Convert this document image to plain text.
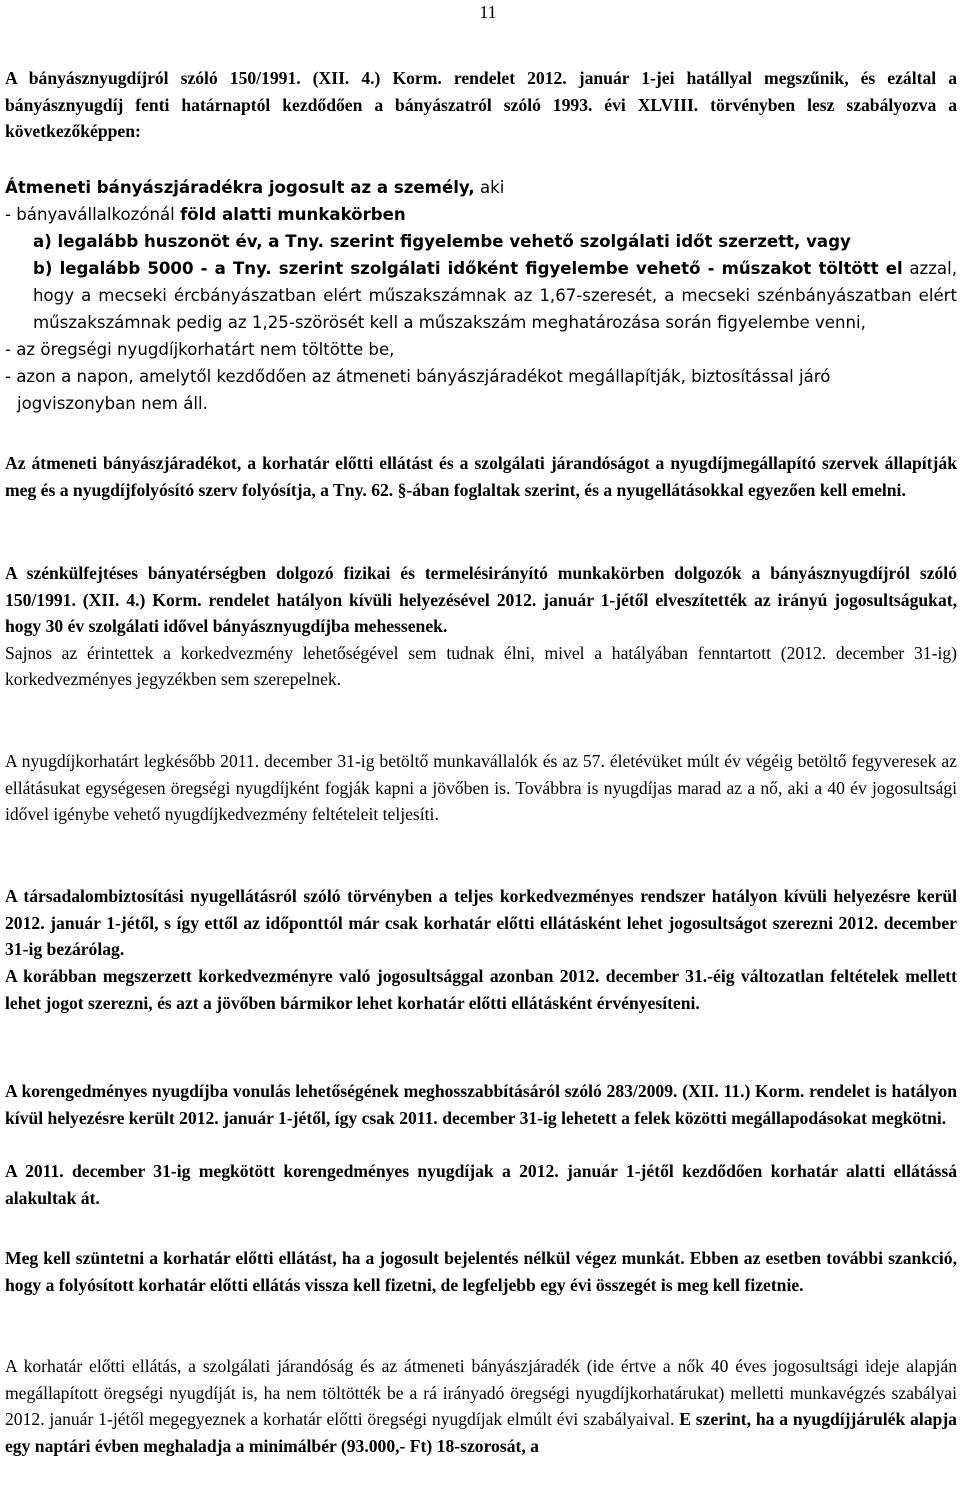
11

A bányásznyugdíjról szóló 150/1991. (XII. 4.) Korm. rendelet 2012. január 1-jei hatállyal megszűnik, és ezáltal a bányásznyugdíj fenti határnaptól kezdődően a bányászatról szóló 1993. évi XLVIII. törvényben lesz szabályozva a következőképpen:

Átmeneti bányászjáradékra jogosult az a személy, aki
- bányavállalkozónál föld alatti munkakörben
a) legalább huszonöt év, a Tny. szerint figyelembe vehető szolgálati időt szerzett, vagy
b) legalább 5000 - a Tny. szerint szolgálati időként figyelembe vehető - műszakot töltött el azzal, hogy a mecseki ércbányászatban elért műszakszámnak az 1,67-szeresét, a mecseki szénbányászatban elért műszakszámnak pedig az 1,25-szörösét kell a műszakszám meghatározása során figyelembe venni,
- az öregségi nyugdíjkorhatárt nem töltötte be,
- azon a napon, amelytől kezdődően az átmeneti bányászjáradékot megállapítják, biztosítással járó
jogviszonyban nem áll.

Az átmeneti bányászjáradékot, a korhatár előtti ellátást és a szolgálati járandóságot a nyugdíjmegállapító szervek állapítják meg és a nyugdíjfolyósító szerv folyósítja, a Tny. 62. §-ában foglaltak szerint, és a nyugellátásokkal egyezően kell emelni.

A szénkülfejtéses bányatérségben dolgozó fizikai és termelésirányító munkakörben dolgozók a bányásznyugdíjról szóló 150/1991. (XII. 4.) Korm. rendelet hatályon kívüli helyezésével 2012. január 1-jétől elveszítették az irányú jogosultságukat, hogy 30 év szolgálati idővel bányásznyugdíjba mehessenek.

Sajnos az érintettek a korkedvezmény lehetőségével sem tudnak élni, mivel a hatályában fenntartott (2012. december 31-ig) korkedvezményes jegyzékben sem szerepelnek.

A nyugdíjkorhatárt legkésőbb 2011. december 31-ig betöltő munkavállalók és az 57. életévüket múlt év végéig betöltő fegyveresek az ellátásukat egységesen öregségi nyugdíjként fogják kapni a jövőben is. Továbbra is nyugdíjas marad az a nő, aki a 40 év jogosultsági idővel igénybe vehető nyugdíjkedvezmény feltételeit teljesíti.

A társadalombiztosítási nyugellátásról szóló törvényben a teljes korkedvezményes rendszer hatályon kívüli helyezésre kerül 2012. január 1-jétől, s így ettől az időponttól már csak korhatár előtti ellátásként lehet jogosultságot szerezni 2012. december 31-ig bezárólag.

A korábban megszerzett korkedvezményre való jogosultsággal azonban 2012. december 31.-éig változatlan feltételek mellett lehet jogot szerezni, és azt a jövőben bármikor lehet korhatár előtti ellátásként érvényesíteni.

A korengedményes nyugdíjba vonulás lehetőségének meghosszabbításáról szóló 283/2009. (XII. 11.) Korm. rendelet is hatályon kívül helyezésre került 2012. január 1-jétől, így csak 2011. december 31-ig lehetett a felek közötti megállapodásokat megkötni.

A 2011. december 31-ig megkötött korengedményes nyugdíjak a 2012. január 1-jétől kezdődően korhatár alatti ellátássá alakultak át.

Meg kell szüntetni a korhatár előtti ellátást, ha a jogosult bejelentés nélkül végez munkát. Ebben az esetben további szankció, hogy a folyósított korhatár előtti ellátás vissza kell fizetni, de legfeljebb egy évi összegét is meg kell fizetnie.

A korhatár előtti ellátás, a szolgálati járandóság és az átmeneti bányászjáradék (ide értve a nők 40 éves jogosultsági ideje alapján megállapított öregségi nyugdíját is, ha nem töltötték be a rá irányadó öregségi nyugdíjkorhatárukat) melletti munkavégzés szabályai 2012. január 1-jétől megegyeznek a korhatár előtti öregségi nyugdíjak elmúlt évi szabályaival. E szerint, ha a nyugdíjjárulék alapja egy naptári évben meghaladja a minimálbér (93.000,- Ft) 18-szorosát, a
